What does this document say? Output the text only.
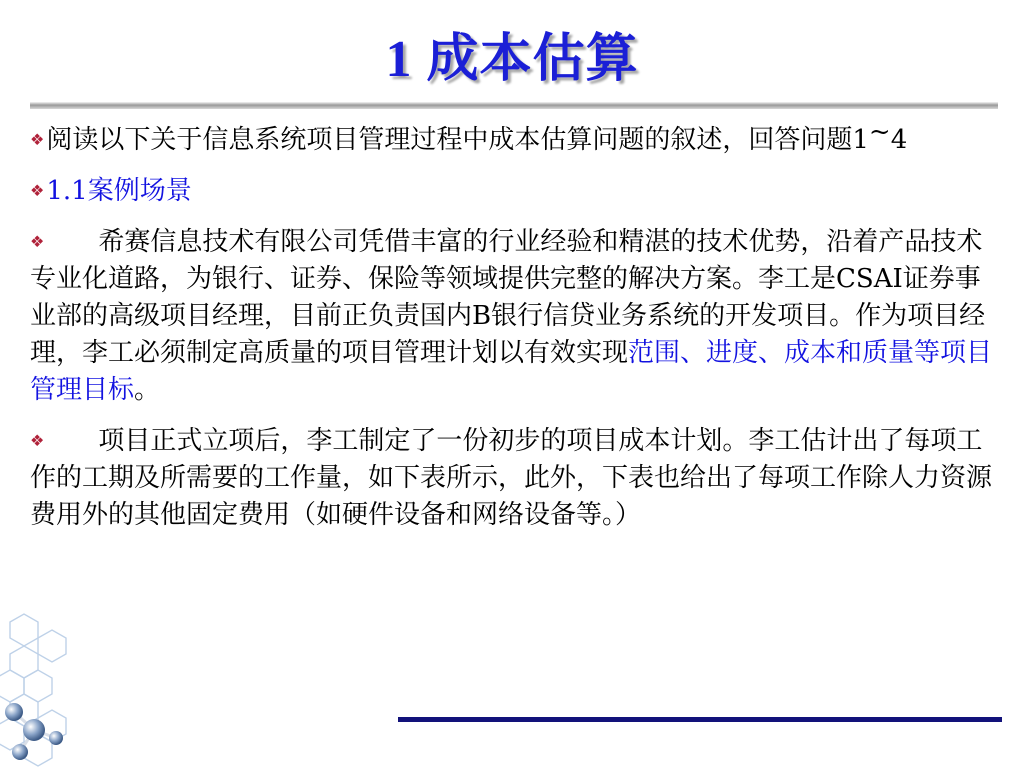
1 成本估算
❖阅读以下关于信息系统项目管理过程中成本估算问题的叙述，回答问题1~4
❖1.1案例场景
❖ 希赛信息技术有限公司凭借丰富的行业经验和精湛的技术优势，沿着产品技术专业化道路，为银行、证券、保险等领域提供完整的解决方案。李工是CSAI证券事业部的高级项目经理，目前正负责国内B银行信贷业务系统的开发项目。作为项目经理，李工必须制定高质量的项目管理计划以有效实现范围、进度、成本和质量等项目管理目标。
❖ 项目正式立项后，李工制定了一份初步的项目成本计划。李工估计出了每项工作的工期及所需要的工作量，如下表所示，此外，下表也给出了每项工作除人力资源费用外的其他固定费用（如硬件设备和网络设备等。）
